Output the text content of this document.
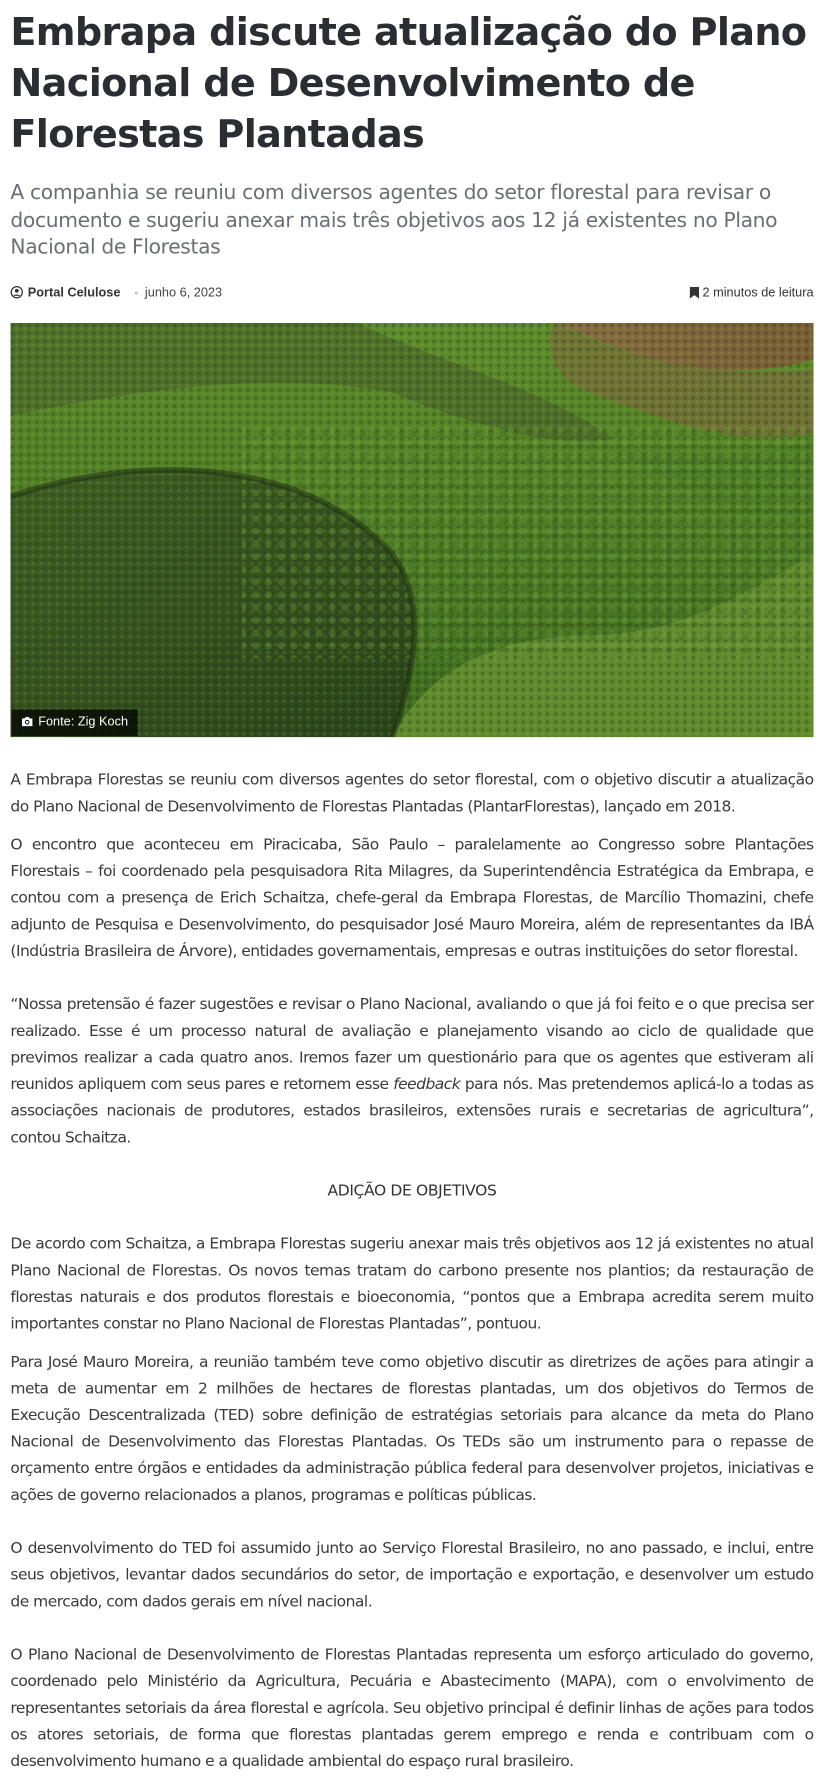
Embrapa discute atualização do Plano Nacional de Desenvolvimento de Florestas Plantadas
A companhia se reuniu com diversos agentes do setor florestal para revisar o documento e sugeriu anexar mais três objetivos aos 12 já existentes no Plano Nacional de Florestas
Portal Celulose • junho 6, 2023	2 minutos de leitura
Fonte: Zig Koch

A Embrapa Florestas se reuniu com diversos agentes do setor florestal, com o objetivo discutir a atualização do Plano Nacional de Desenvolvimento de Florestas Plantadas (PlantarFlorestas), lançado em 2018.

O encontro que aconteceu em Piracicaba, São Paulo – paralelamente ao Congresso sobre Plantações Florestais – foi coordenado pela pesquisadora Rita Milagres, da Superintendência Estratégica da Embrapa, e contou com a presença de Erich Schaitza, chefe-geral da Embrapa Florestas, de Marcílio Thomazini, chefe adjunto de Pesquisa e Desenvolvimento, do pesquisador José Mauro Moreira, além de representantes da IBÁ (Indústria Brasileira de Árvore), entidades governamentais, empresas e outras instituições do setor florestal.

“Nossa pretensão é fazer sugestões e revisar o Plano Nacional, avaliando o que já foi feito e o que precisa ser realizado. Esse é um processo natural de avaliação e planejamento visando ao ciclo de qualidade que previmos realizar a cada quatro anos. Iremos fazer um questionário para que os agentes que estiveram ali reunidos apliquem com seus pares e retornem esse feedback para nós. Mas pretendemos aplicá-lo a todas as associações nacionais de produtores, estados brasileiros, extensões rurais e secretarias de agricultura”, contou Schaitza.

ADIÇÃO DE OBJETIVOS

De acordo com Schaitza, a Embrapa Florestas sugeriu anexar mais três objetivos aos 12 já existentes no atual Plano Nacional de Florestas. Os novos temas tratam do carbono presente nos plantios; da restauração de florestas naturais e dos produtos florestais e bioeconomia, “pontos que a Embrapa acredita serem muito importantes constar no Plano Nacional de Florestas Plantadas”, pontuou.

Para José Mauro Moreira, a reunião também teve como objetivo discutir as diretrizes de ações para atingir a meta de aumentar em 2 milhões de hectares de florestas plantadas, um dos objetivos do Termos de Execução Descentralizada (TED) sobre definição de estratégias setoriais para alcance da meta do Plano Nacional de Desenvolvimento das Florestas Plantadas. Os TEDs são um instrumento para o repasse de orçamento entre órgãos e entidades da administração pública federal para desenvolver projetos, iniciativas e ações de governo relacionados a planos, programas e políticas públicas.

O desenvolvimento do TED foi assumido junto ao Serviço Florestal Brasileiro, no ano passado, e inclui, entre seus objetivos, levantar dados secundários do setor, de importação e exportação, e desenvolver um estudo de mercado, com dados gerais em nível nacional.

O Plano Nacional de Desenvolvimento de Florestas Plantadas representa um esforço articulado do governo, coordenado pelo Ministério da Agricultura, Pecuária e Abastecimento (MAPA), com o envolvimento de representantes setoriais da área florestal e agrícola. Seu objetivo principal é definir linhas de ações para todos os atores setoriais, de forma que florestas plantadas gerem emprego e renda e contribuam com o desenvolvimento humano e a qualidade ambiental do espaço rural brasileiro.
